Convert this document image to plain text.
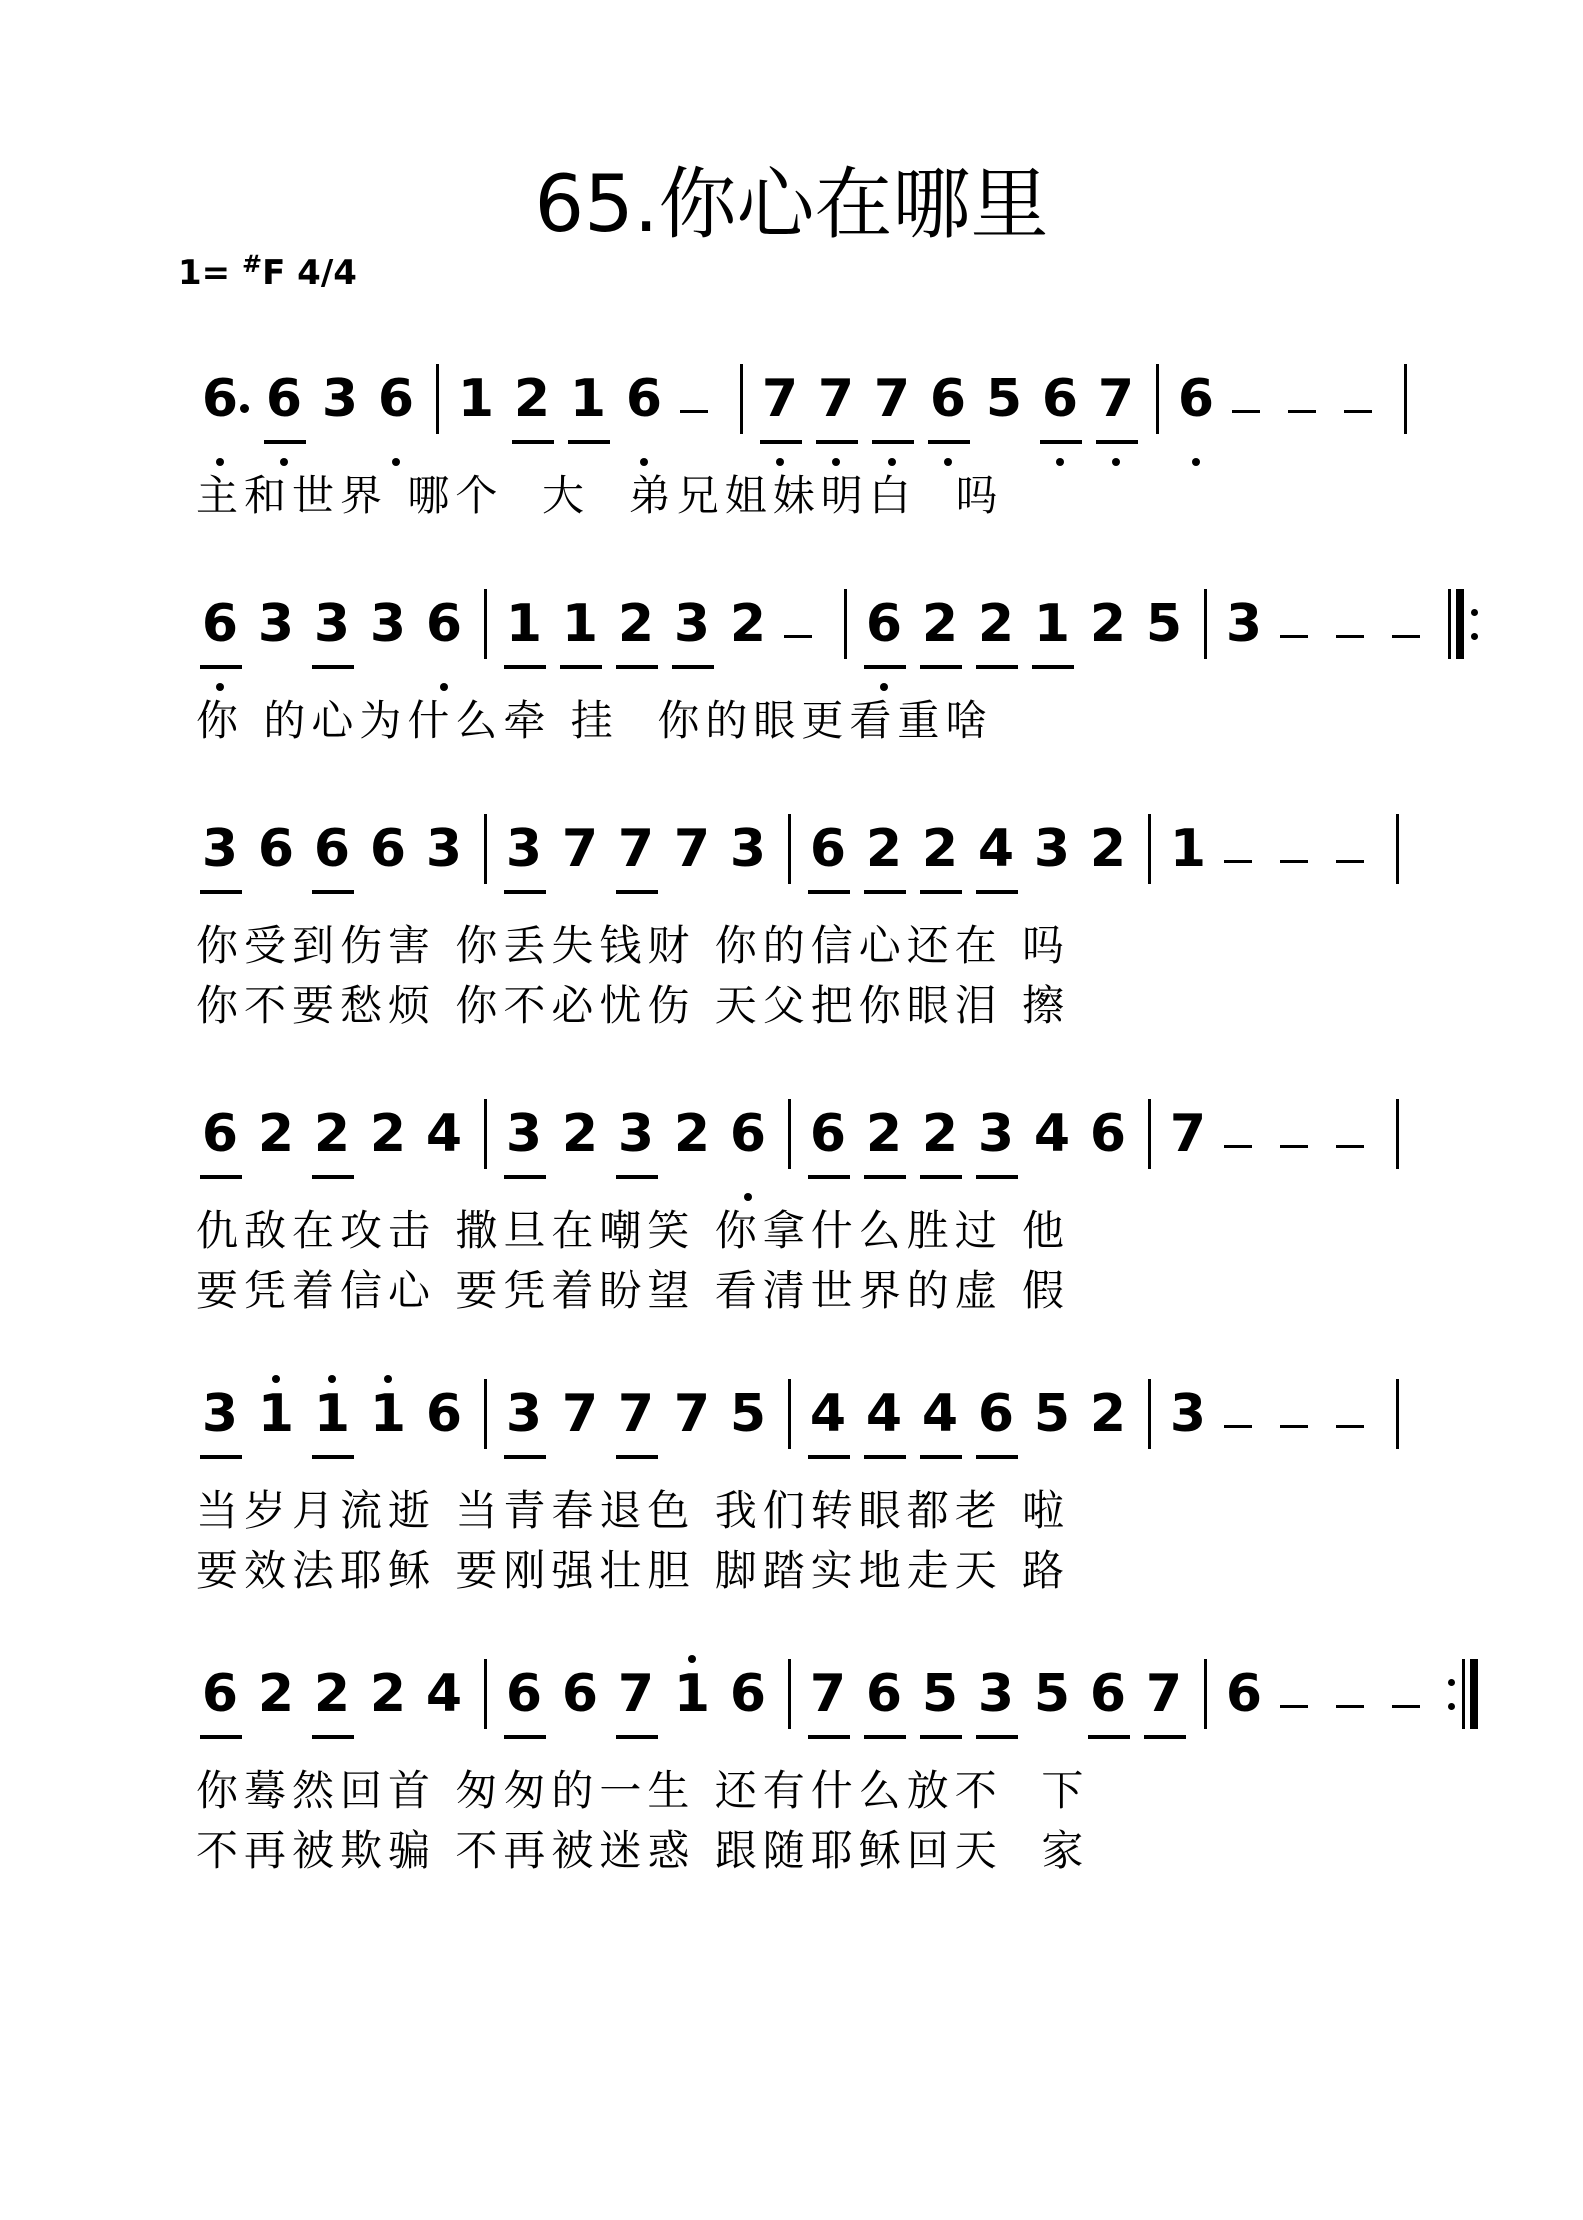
65.你心在哪里
1= #F 4/4
6 6 3 6 1 2 1 6 7 7 7 6 5 6 7 6
主和世界 哪个  大  弟兄姐妹明白  吗
6 3 3 3 6 1 1 2 3 2 6 2 2 1 2 5 3
你 的心为什么牵 挂  你的眼更看重啥
3 6 6 6 3 3 7 7 7 3 6 2 2 4 3 2 1
你受到伤害 你丢失钱财 你的信心还在 吗
你不要愁烦 你不必忧伤 天父把你眼泪 擦
6 2 2 2 4 3 2 3 2 6 6 2 2 3 4 6 7
仇敌在攻击 撒旦在嘲笑 你拿什么胜过 他
要凭着信心 要凭着盼望 看清世界的虚 假
3 1 1 1 6 3 7 7 7 5 4 4 4 6 5 2 3
当岁月流逝 当青春退色 我们转眼都老 啦
要效法耶稣 要刚强壮胆 脚踏实地走天 路
6 2 2 2 4 6 6 7 1 6 7 6 5 3 5 6 7 6
你蓦然回首 匆匆的一生 还有什么放不  下
不再被欺骗 不再被迷惑 跟随耶稣回天  家
